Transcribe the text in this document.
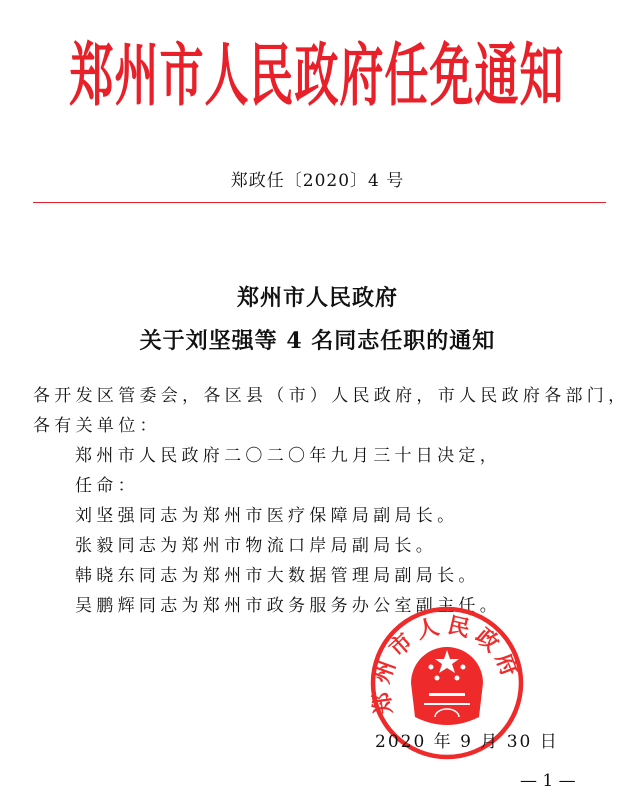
郑州市人民政府任免通知
郑政任〔2020〕4 号
郑州市人民政府
关于刘坚强等 4 名同志任职的通知
各开发区管委会，各区县（市）人民政府，市人民政府各部门，
各有关单位：
郑州市人民政府二〇二〇年九月三十日决定，
任命：
刘坚强同志为郑州市医疗保障局副局长。
张毅同志为郑州市物流口岸局副局长。
韩晓东同志为郑州市大数据管理局副局长。
吴鹏辉同志为郑州市政务服务办公室副主任。
郑州市人民政府
2020 年 9 月 30 日
— 1 —
